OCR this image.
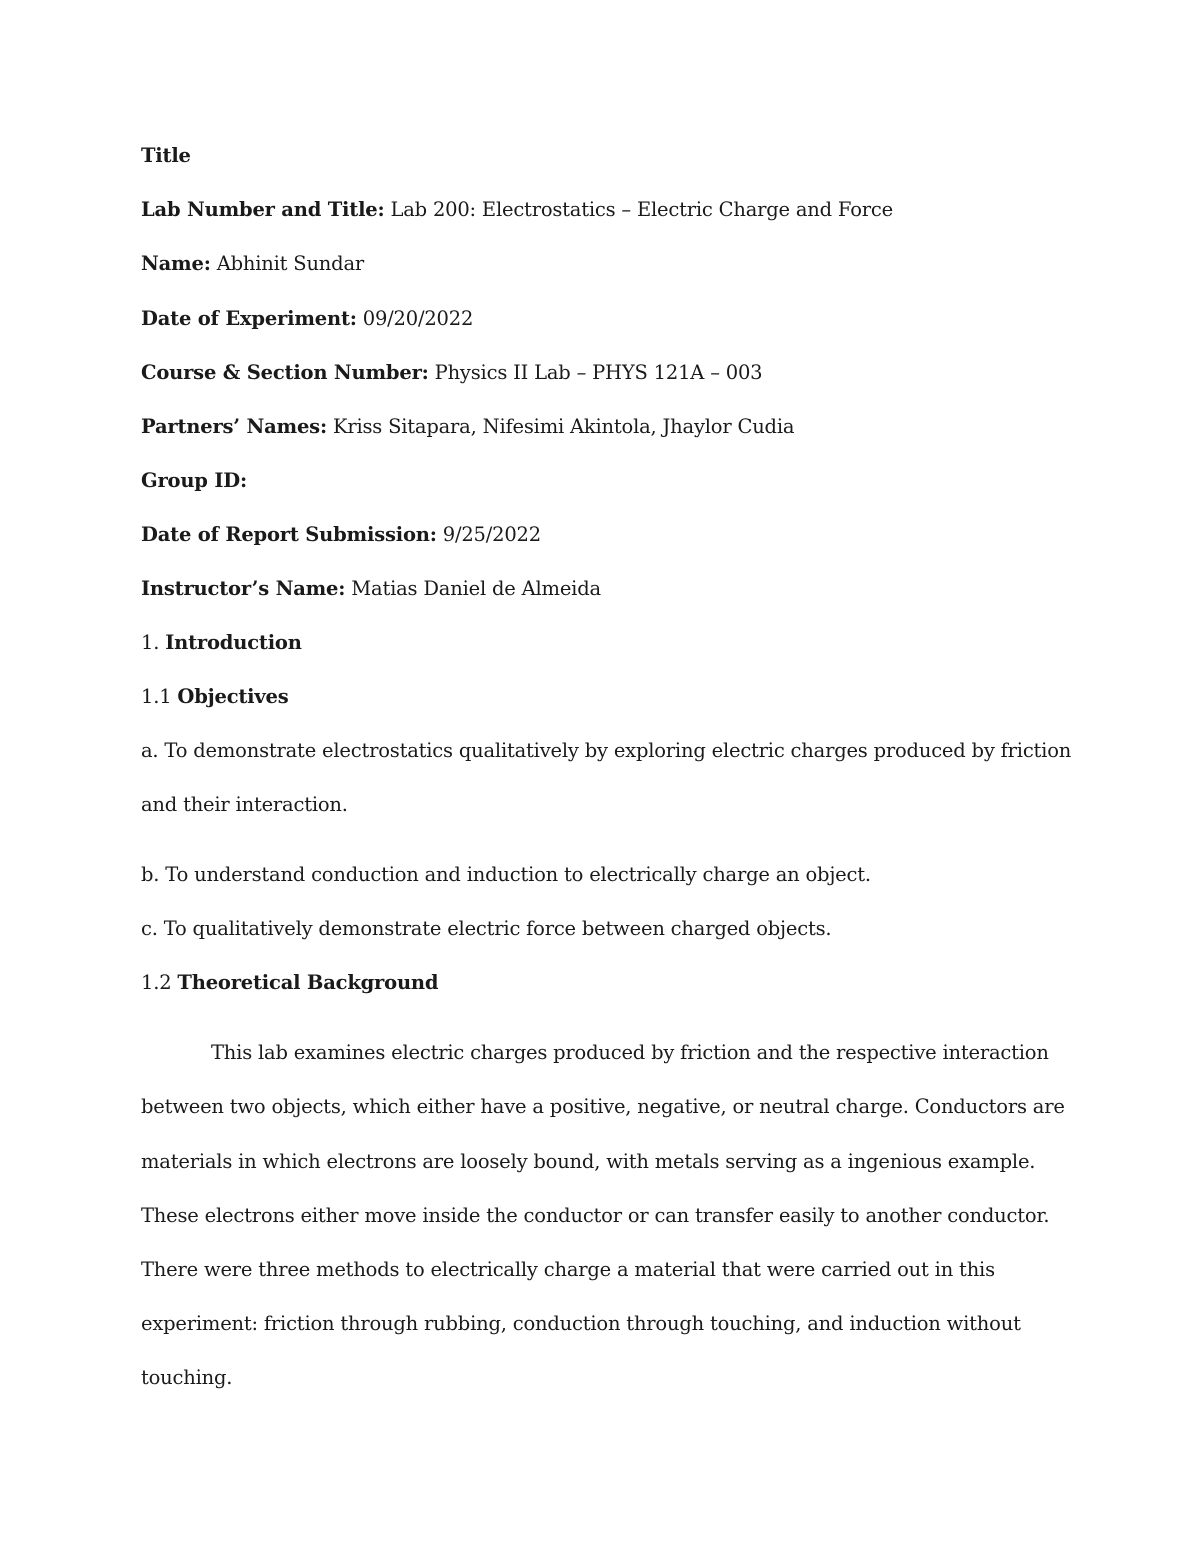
Title
Lab Number and Title: Lab 200: Electrostatics – Electric Charge and Force
Name: Abhinit Sundar
Date of Experiment: 09/20/2022
Course & Section Number: Physics II Lab – PHYS 121A – 003
Partners’ Names: Kriss Sitapara, Nifesimi Akintola, Jhaylor Cudia
Group ID:
Date of Report Submission: 9/25/2022
Instructor’s Name: Matias Daniel de Almeida
1. Introduction
1.1 Objectives
a. To demonstrate electrostatics qualitatively by exploring electric charges produced by friction
and their interaction.
b. To understand conduction and induction to electrically charge an object.
c. To qualitatively demonstrate electric force between charged objects.
1.2 Theoretical Background
This lab examines electric charges produced by friction and the respective interaction
between two objects, which either have a positive, negative, or neutral charge. Conductors are
materials in which electrons are loosely bound, with metals serving as a ingenious example.
These electrons either move inside the conductor or can transfer easily to another conductor.
There were three methods to electrically charge a material that were carried out in this
experiment: friction through rubbing, conduction through touching, and induction without
touching.
